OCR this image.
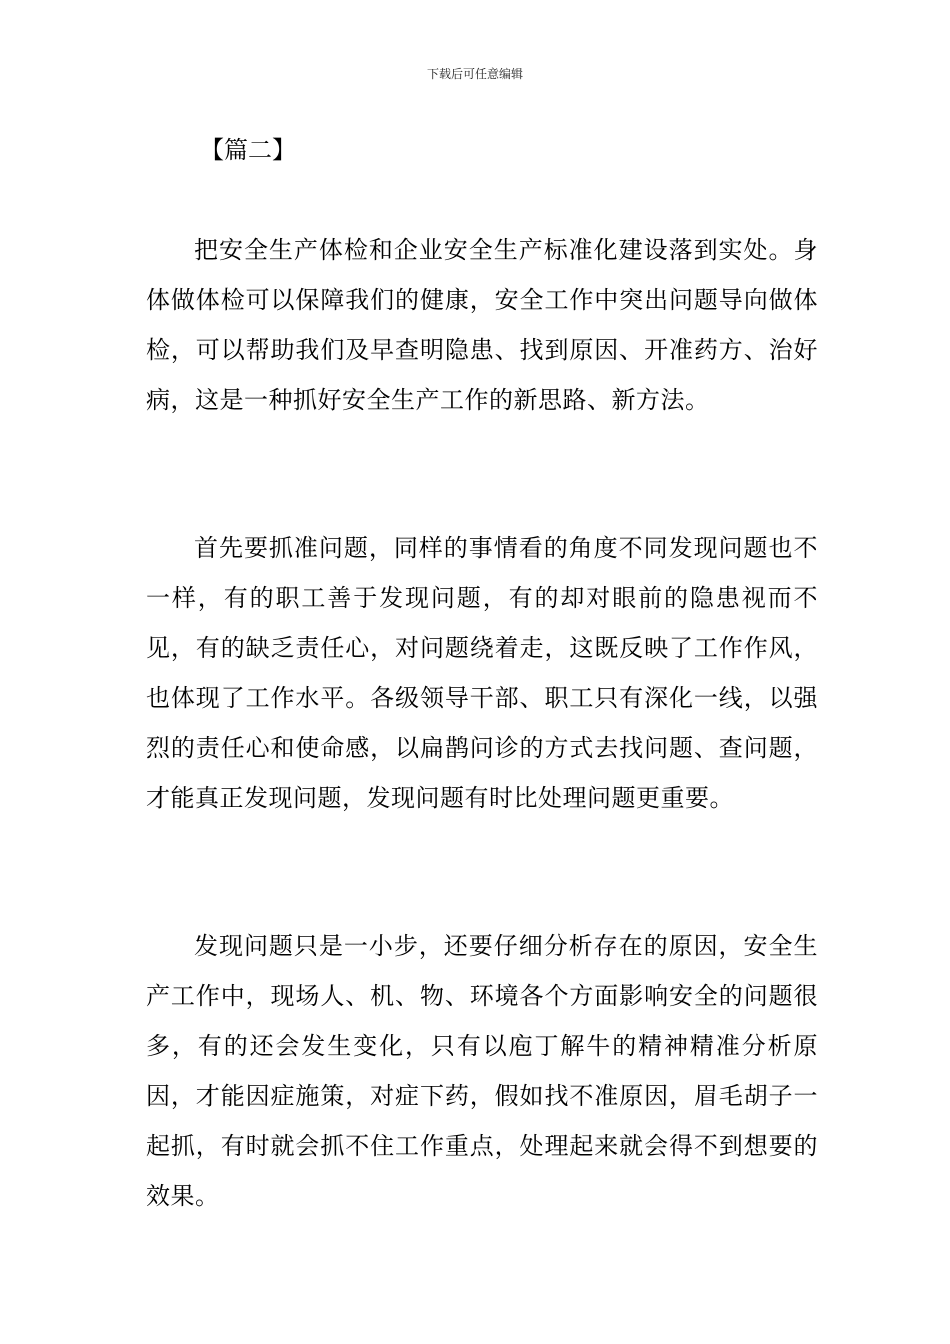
下载后可任意编辑
【篇二】

把安全生产体检和企业安全生产标准化建设落到实处。身体做体检可以保障我们的健康，安全工作中突出问题导向做体检，可以帮助我们及早查明隐患、找到原因、开准药方、治好病，这是一种抓好安全生产工作的新思路、新方法。

首先要抓准问题，同样的事情看的角度不同发现问题也不一样，有的职工善于发现问题，有的却对眼前的隐患视而不见，有的缺乏责任心，对问题绕着走，这既反映了工作作风，也体现了工作水平。各级领导干部、职工只有深化一线，以强烈的责任心和使命感，以扁鹊问诊的方式去找问题、查问题，才能真正发现问题，发现问题有时比处理问题更重要。

发现问题只是一小步，还要仔细分析存在的原因，安全生产工作中，现场人、机、物、环境各个方面影响安全的问题很多，有的还会发生变化，只有以庖丁解牛的精神精准分析原因，才能因症施策，对症下药，假如找不准原因，眉毛胡子一起抓，有时就会抓不住工作重点，处理起来就会得不到想要的效果。
